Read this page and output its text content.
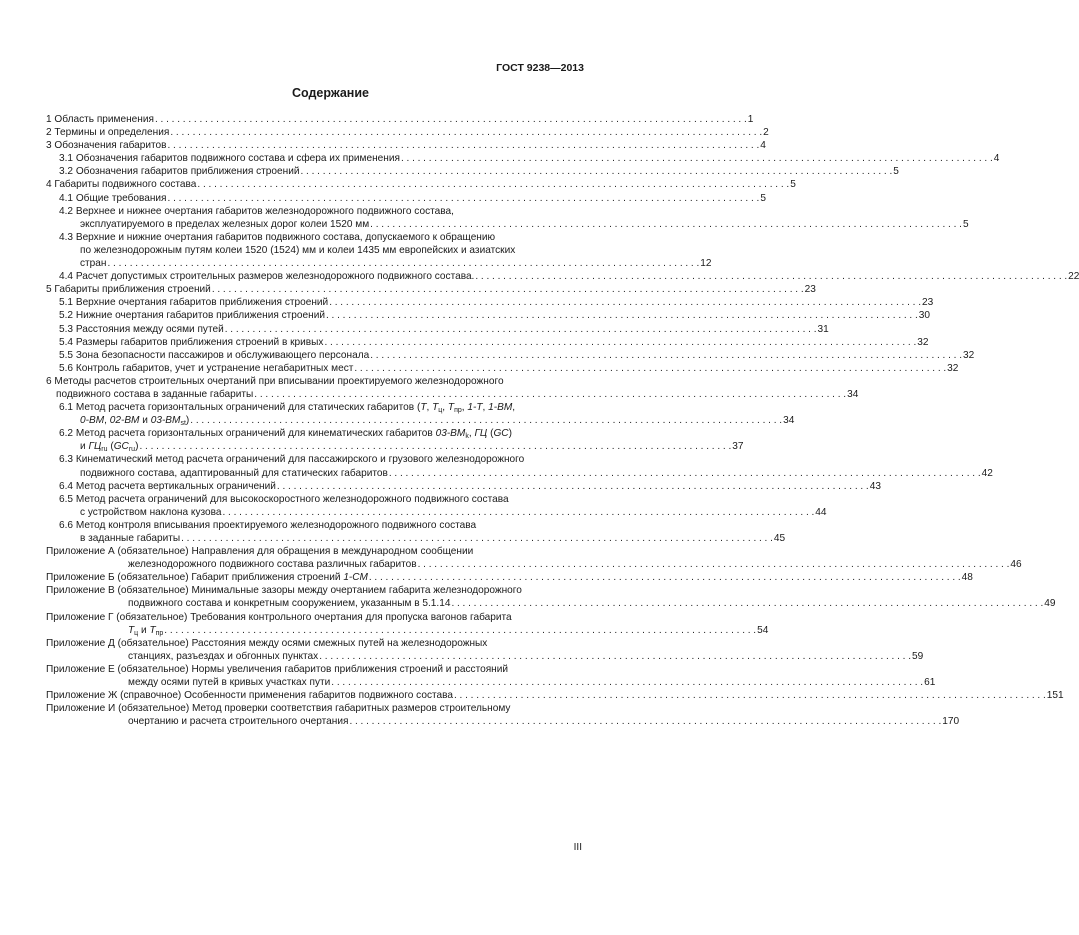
ГОСТ 9238—2013
Содержание
1 Область применения . . . . . . . . . . . . . . . . . . . . . . . . . . . . . . . . . . . . . . . . . . . . . . . . . . . . . . . . . . . . . . . . . . . . . . . . . . . . . . . . . . . . . . . . . . . . . . . . . . . . . . . . . . . 1
2 Термины и определения . . . . . . . . . . . . . . . . . . . . . . . . . . . . . . . . . . . . . . . . . . . . . . . . . . . . . . . . . . . . . . . . . . . . . . . . . . . . . . . . . . . . . . . . . . . . . . . . . . . . . . . . . . . 2
3 Обозначения габаритов . . . . . . . . . . . . . . . . . . . . . . . . . . . . . . . . . . . . . . . . . . . . . . . . . . . . . . . . . . . . . . . . . . . . . . . . . . . . . . . . . . . . . . . . . . . . . . . . . . . . . . . . . . . 4
3.1 Обозначения габаритов подвижного состава и сфера их применения . . . . . . . . . . . . . . . . . . . . . . . . . . . . . . . . . . . . . . . . . . . . . . . . . . . . . . . . . . . . . . . . . . . . . . . . . . . . . . . . . . . . . . . . . . . . . . . . . . . . . . . . . . . 4
3.2 Обозначения габаритов приближения строений . . . . . . . . . . . . . . . . . . . . . . . . . . . . . . . . . . . . . . . . . . . . . . . . . . . . . . . . . . . . . . . . . . . . . . . . . . . . . . . . . . . . . . . . . . . . . . . . . . . . . . . . . . . 5
4 Габариты подвижного состава . . . . . . . . . . . . . . . . . . . . . . . . . . . . . . . . . . . . . . . . . . . . . . . . . . . . . . . . . . . . . . . . . . . . . . . . . . . . . . . . . . . . . . . . . . . . . . . . . . . . . . . . . . . 5
4.1 Общие требования . . . . . . . . . . . . . . . . . . . . . . . . . . . . . . . . . . . . . . . . . . . . . . . . . . . . . . . . . . . . . . . . . . . . . . . . . . . . . . . . . . . . . . . . . . . . . . . . . . . . . . . . . . . 5
4.2 Верхнее и нижнее очертания габаритов железнодорожного подвижного состава,
эксплуатируемого в пределах железных дорог колеи 1520 мм . . . . . . . . . . . . . . . . . . . . . . . . . . . . . . . . . . . . . . . . . . . . . . . . . . . . . . . . . . . . . . . . . . . . . . . . . . . . . . . . . . . . . . . . . . . . . . . . . . . . . . . . . . . 5
4.3 Верхние и нижние очертания габаритов подвижного состава, допускаемого к обращению
по железнодорожным путям колеи 1520 (1524) мм и колеи 1435 мм европейских и азиатских
стран . . . . . . . . . . . . . . . . . . . . . . . . . . . . . . . . . . . . . . . . . . . . . . . . . . . . . . . . . . . . . . . . . . . . . . . . . . . . . . . . . . . . . . . . . . . . . . . . . . . . . . . . . . . 12
4.4 Расчет допустимых строительных размеров железнодорожного подвижного состава. . . . . . . . . . . . . . . . . . . . . . . . . . . . . . . . . . . . . . . . . . . . . . . . . . . . . . . . . . . . . . . . . . . . . . . . . . . . . . . . . . . . . . . . . . . . . . . . . . . . . . . . . . . . 22
5 Габариты приближения строений . . . . . . . . . . . . . . . . . . . . . . . . . . . . . . . . . . . . . . . . . . . . . . . . . . . . . . . . . . . . . . . . . . . . . . . . . . . . . . . . . . . . . . . . . . . . . . . . . . . . . . . . . . . 23
5.1 Верхние очертания габаритов приближения строений . . . . . . . . . . . . . . . . . . . . . . . . . . . . . . . . . . . . . . . . . . . . . . . . . . . . . . . . . . . . . . . . . . . . . . . . . . . . . . . . . . . . . . . . . . . . . . . . . . . . . . . . . . . 23
5.2 Нижние очертания габаритов приближения строений . . . . . . . . . . . . . . . . . . . . . . . . . . . . . . . . . . . . . . . . . . . . . . . . . . . . . . . . . . . . . . . . . . . . . . . . . . . . . . . . . . . . . . . . . . . . . . . . . . . . . . . . . . . 30
5.3 Расстояния между осями путей . . . . . . . . . . . . . . . . . . . . . . . . . . . . . . . . . . . . . . . . . . . . . . . . . . . . . . . . . . . . . . . . . . . . . . . . . . . . . . . . . . . . . . . . . . . . . . . . . . . . . . . . . . . 31
5.4 Размеры габаритов приближения строений в кривых . . . . . . . . . . . . . . . . . . . . . . . . . . . . . . . . . . . . . . . . . . . . . . . . . . . . . . . . . . . . . . . . . . . . . . . . . . . . . . . . . . . . . . . . . . . . . . . . . . . . . . . . . . . 32
5.5 Зона безопасности пассажиров и обслуживающего персонала . . . . . . . . . . . . . . . . . . . . . . . . . . . . . . . . . . . . . . . . . . . . . . . . . . . . . . . . . . . . . . . . . . . . . . . . . . . . . . . . . . . . . . . . . . . . . . . . . . . . . . . . . . . 32
5.6 Контроль габаритов, учет и устранение негабаритных мест . . . . . . . . . . . . . . . . . . . . . . . . . . . . . . . . . . . . . . . . . . . . . . . . . . . . . . . . . . . . . . . . . . . . . . . . . . . . . . . . . . . . . . . . . . . . . . . . . . . . . . . . . . . 32
6 Методы расчетов строительных очертаний при вписывании проектируемого железнодорожного
подвижного состава в заданные габариты . . . . . . . . . . . . . . . . . . . . . . . . . . . . . . . . . . . . . . . . . . . . . . . . . . . . . . . . . . . . . . . . . . . . . . . . . . . . . . . . . . . . . . . . . . . . . . . . . . . . . . . . . . . 34
6.1 Метод расчета горизонтальных ограничений для статических габаритов (Т, $Т_ц$, $Т_{пр}$, 1-Т, 1-ВМ,
0-ВМ, 02-ВМ и $03-ВМ_{st}$) . . . . . . . . . . . . . . . . . . . . . . . . . . . . . . . . . . . . . . . . . . . . . . . . . . . . . . . . . . . . . . . . . . . . . . . . . . . . . . . . . . . . . . . . . . . . . . . . . . . . . . . . . . . 34
6.2 Метод расчета горизонтальных ограничений для кинематических габаритов $03-ВМ_k$, ГЦ (GC)
и $ГЦ_{ru}$ $(GC_{ru})$ . . . . . . . . . . . . . . . . . . . . . . . . . . . . . . . . . . . . . . . . . . . . . . . . . . . . . . . . . . . . . . . . . . . . . . . . . . . . . . . . . . . . . . . . . . . . . . . . . . . . . . . . . . . 37
6.3 Кинематический метод расчета ограничений для пассажирского и грузового железнодорожного
подвижного состава, адаптированный для статических габаритов . . . . . . . . . . . . . . . . . . . . . . . . . . . . . . . . . . . . . . . . . . . . . . . . . . . . . . . . . . . . . . . . . . . . . . . . . . . . . . . . . . . . . . . . . . . . . . . . . . . . . . . . . . . 42
6.4 Метод расчета вертикальных ограничений . . . . . . . . . . . . . . . . . . . . . . . . . . . . . . . . . . . . . . . . . . . . . . . . . . . . . . . . . . . . . . . . . . . . . . . . . . . . . . . . . . . . . . . . . . . . . . . . . . . . . . . . . . . 43
6.5 Метод расчета ограничений для высокоскоростного железнодорожного подвижного состава
с устройством наклона кузова . . . . . . . . . . . . . . . . . . . . . . . . . . . . . . . . . . . . . . . . . . . . . . . . . . . . . . . . . . . . . . . . . . . . . . . . . . . . . . . . . . . . . . . . . . . . . . . . . . . . . . . . . . . 44
6.6 Метод контроля вписывания проектируемого железнодорожного подвижного состава
в заданные габариты . . . . . . . . . . . . . . . . . . . . . . . . . . . . . . . . . . . . . . . . . . . . . . . . . . . . . . . . . . . . . . . . . . . . . . . . . . . . . . . . . . . . . . . . . . . . . . . . . . . . . . . . . . . 45
Приложение А (обязательное) Направления для обращения в международном сообщении
железнодорожного подвижного состава различных габаритов . . . . . . . . . . . . . . . . . . . . . . . . . . . . . . . . . . . . . . . . . . . . . . . . . . . . . . . . . . . . . . . . . . . . . . . . . . . . . . . . . . . . . . . . . . . . . . . . . . . . . . . . . . . 46
Приложение Б (обязательное) Габарит приближения строений 1-СМ . . . . . . . . . . . . . . . . . . . . . . . . . . . . . . . . . . . . . . . . . . . . . . . . . . . . . . . . . . . . . . . . . . . . . . . . . . . . . . . . . . . . . . . . . . . . . . . . . . . . . . . . . . . 48
Приложение В (обязательное) Минимальные зазоры между очертанием габарита железнодорожного
подвижного состава и конкретным сооружением, указанным в 5.1.14 . . . . . . . . . . . . . . . . . . . . . . . . . . . . . . . . . . . . . . . . . . . . . . . . . . . . . . . . . . . . . . . . . . . . . . . . . . . . . . . . . . . . . . . . . . . . . . . . . . . . . . . . . . . 49
Приложение Г (обязательное) Требования контрольного очертания для пропуска вагонов габарита
$Т_ц$ и $Т_{пр}$ . . . . . . . . . . . . . . . . . . . . . . . . . . . . . . . . . . . . . . . . . . . . . . . . . . . . . . . . . . . . . . . . . . . . . . . . . . . . . . . . . . . . . . . . . . . . . . . . . . . . . . . . . . . 54
Приложение Д (обязательное) Расстояния между осями смежных путей на железнодорожных
станциях, разъездах и обгонных пунктах . . . . . . . . . . . . . . . . . . . . . . . . . . . . . . . . . . . . . . . . . . . . . . . . . . . . . . . . . . . . . . . . . . . . . . . . . . . . . . . . . . . . . . . . . . . . . . . . . . . . . . . . . . . 59
Приложение Е (обязательное) Нормы увеличения габаритов приближения строений и расстояний
между осями путей в кривых участках пути . . . . . . . . . . . . . . . . . . . . . . . . . . . . . . . . . . . . . . . . . . . . . . . . . . . . . . . . . . . . . . . . . . . . . . . . . . . . . . . . . . . . . . . . . . . . . . . . . . . . . . . . . . . 61
Приложение Ж (справочное) Особенности применения габаритов подвижного состава . . . . . . . . . . . . . . . . . . . . . . . . . . . . . . . . . . . . . . . . . . . . . . . . . . . . . . . . . . . . . . . . . . . . . . . . . . . . . . . . . . . . . . . . . . . . . . . . . . . . . . . . . . . 151
Приложение И (обязательное) Метод проверки соответствия габаритных размеров строительному
очертанию и расчета строительного очертания . . . . . . . . . . . . . . . . . . . . . . . . . . . . . . . . . . . . . . . . . . . . . . . . . . . . . . . . . . . . . . . . . . . . . . . . . . . . . . . . . . . . . . . . . . . . . . . . . . . . . . . . . . . 170
III
